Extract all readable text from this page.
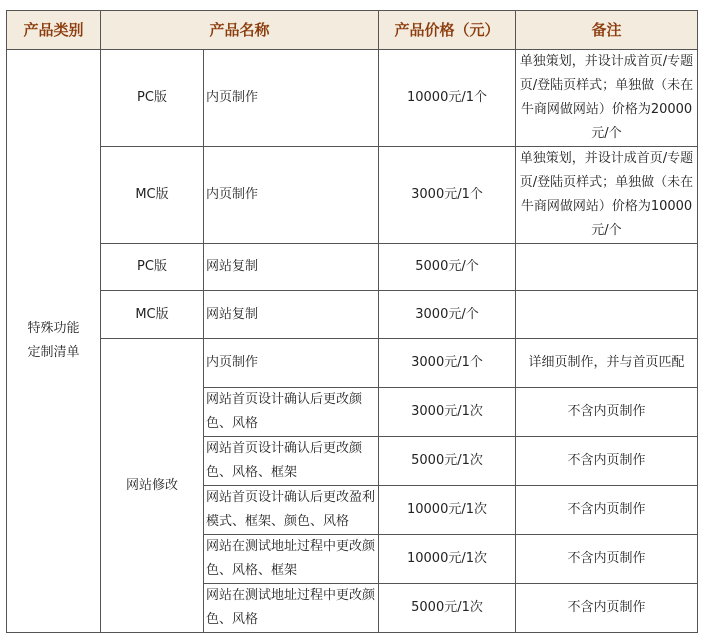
产品类别	产品名称		产品价格（元）	备注

特殊功能定制清单	PC版	内页制作	10000元/1个	单独策划，并设计成首页/专题页/登陆页样式；单独做（未在牛商网做网站）价格为20000元/个
	MC版	内页制作	3000元/1个	单独策划，并设计成首页/专题页/登陆页样式；单独做（未在牛商网做网站）价格为10000元/个
	PC版	网站复制	5000元/个	
	MC版	网站复制	3000元/个	
	网站修改	内页制作	3000元/1个	详细页制作，并与首页匹配
		网站首页设计确认后更改颜色、风格	3000元/1次	不含内页制作
		网站首页设计确认后更改颜色、风格、框架	5000元/1次	不含内页制作
		网站首页设计确认后更改盈利模式、框架、颜色、风格	10000元/1次	不含内页制作
		网站在测试地址过程中更改颜色、风格、框架	10000元/1次	不含内页制作
		网站在测试地址过程中更改颜色、风格	5000元/1次	不含内页制作
